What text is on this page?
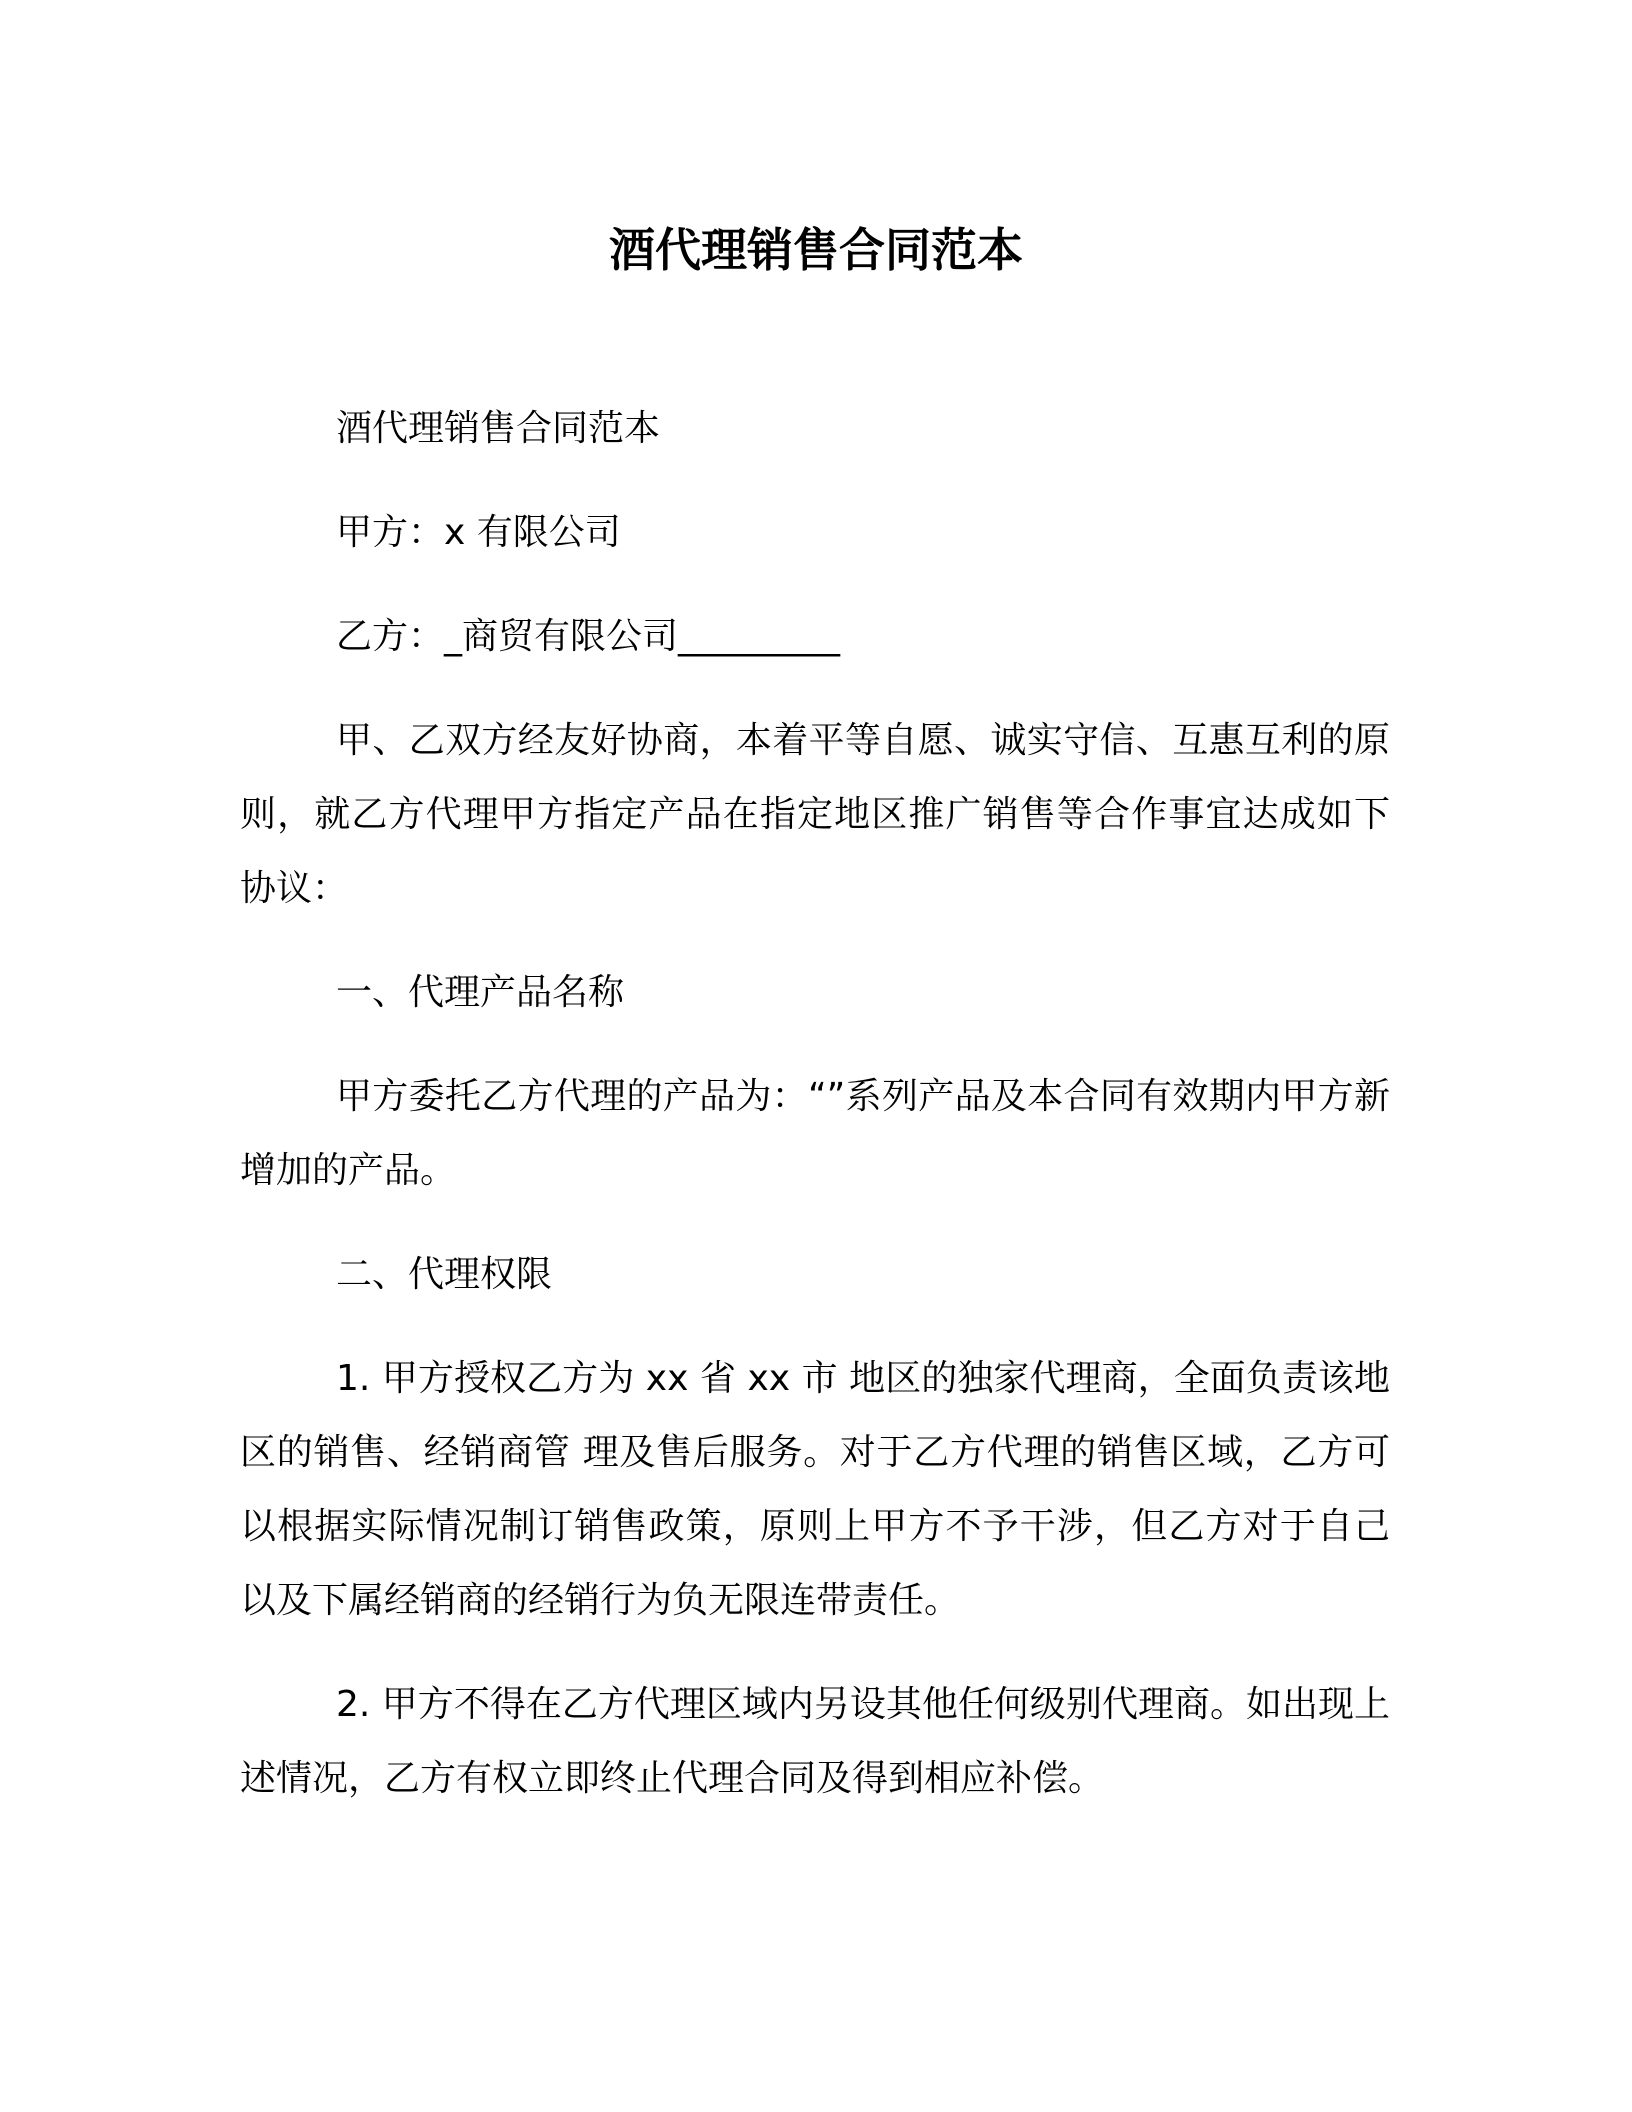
酒代理销售合同范本

酒代理销售合同范本

甲方：x 有限公司

乙方：_商贸有限公司_________

甲、乙双方经友好协商，本着平等自愿、诚实守信、互惠互利的原则，就乙方代理甲方指定产品在指定地区推广销售等合作事宜达成如下协议：

一、代理产品名称

甲方委托乙方代理的产品为：“”系列产品及本合同有效期内甲方新增加的产品。

二、代理权限

1. 甲方授权乙方为 xx 省 xx 市 地区的独家代理商，全面负责该地区的销售、经销商管 理及售后服务。对于乙方代理的销售区域，乙方可以根据实际情况制订销售政策，原则上甲方不予干涉，但乙方对于自己以及下属经销商的经销行为负无限连带责任。

2. 甲方不得在乙方代理区域内另设其他任何级别代理商。如出现上述情况，乙方有权立即终止代理合同及得到相应补偿。
